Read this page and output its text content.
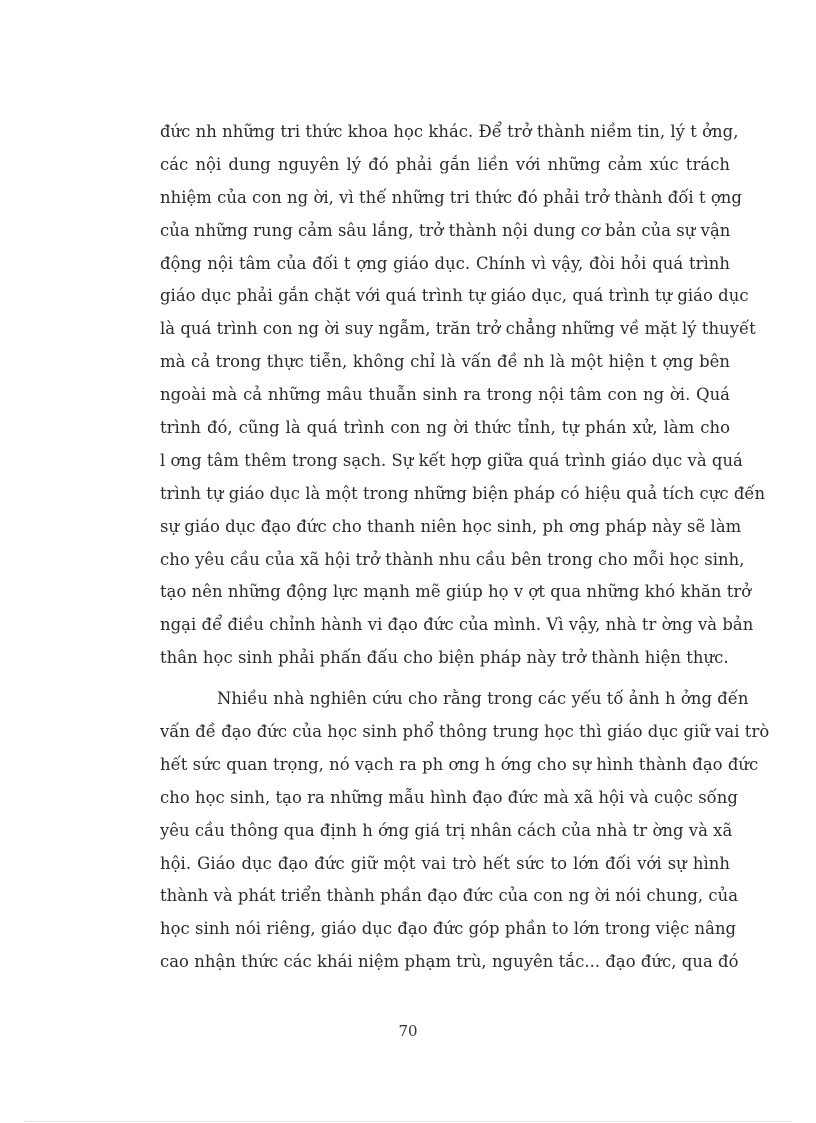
đức nh những tri thức khoa học khác. Để trở thành niềm tin, lý t ởng,
các nội dung nguyên lý đó phải gắn liền với những cảm xúc trách
nhiệm của con ng ời, vì thế những tri thức đó phải trở thành đối t ợng
của những rung cảm sâu lắng, trở thành nội dung cơ bản của sự vận
động nội tâm của đối t ợng giáo dục. Chính vì vậy, đòi hỏi quá trình
giáo dục phải gắn chặt với quá trình tự giáo dục, quá trình tự giáo dục
là quá trình con ng ời suy ngẫm, trăn trở chẳng những về mặt lý thuyết
mà cả trong thực tiễn, không chỉ là vấn đề nh là một hiện t ợng bên
ngoài mà cả những mâu thuẫn sinh ra trong nội tâm con ng ời. Quá
trình đó, cũng là quá trình con ng ời thức tỉnh, tự phán xử, làm cho
l ơng tâm thêm trong sạch. Sự kết hợp giữa quá trình giáo dục và quá
trình tự giáo dục là một trong những biện pháp có hiệu quả tích cực đến
sự giáo dục đạo đức cho thanh niên học sinh, ph ơng pháp này sẽ làm
cho yêu cầu của xã hội trở thành nhu cầu bên trong cho mỗi học sinh,
tạo nên những động lực mạnh mẽ giúp họ v ợt qua những khó khăn trở
ngại để điều chỉnh hành vi đạo đức của mình. Vì vậy, nhà tr ờng và bản
thân học sinh phải phấn đấu cho biện pháp này trở thành hiện thực.
Nhiều nhà nghiên cứu cho rằng trong các yếu tố ảnh h ởng đến
vấn đề đạo đức của học sinh phổ thông trung học thì giáo dục giữ vai trò
hết sức quan trọng, nó vạch ra ph ơng h ớng cho sự hình thành đạo đức
cho học sinh, tạo ra những mẫu hình đạo đức mà xã hội và cuộc sống
yêu cầu thông qua định h ớng giá trị nhân cách của nhà tr ờng và xã
hội. Giáo dục đạo đức giữ một vai trò hết sức to lớn đối với sự hình
thành và phát triển thành phần đạo đức của con ng ời nói chung, của
học sinh nói riêng, giáo dục đạo đức góp phần to lớn trong việc nâng
cao nhận thức các khái niệm phạm trù, nguyên tắc... đạo đức, qua đó
70
